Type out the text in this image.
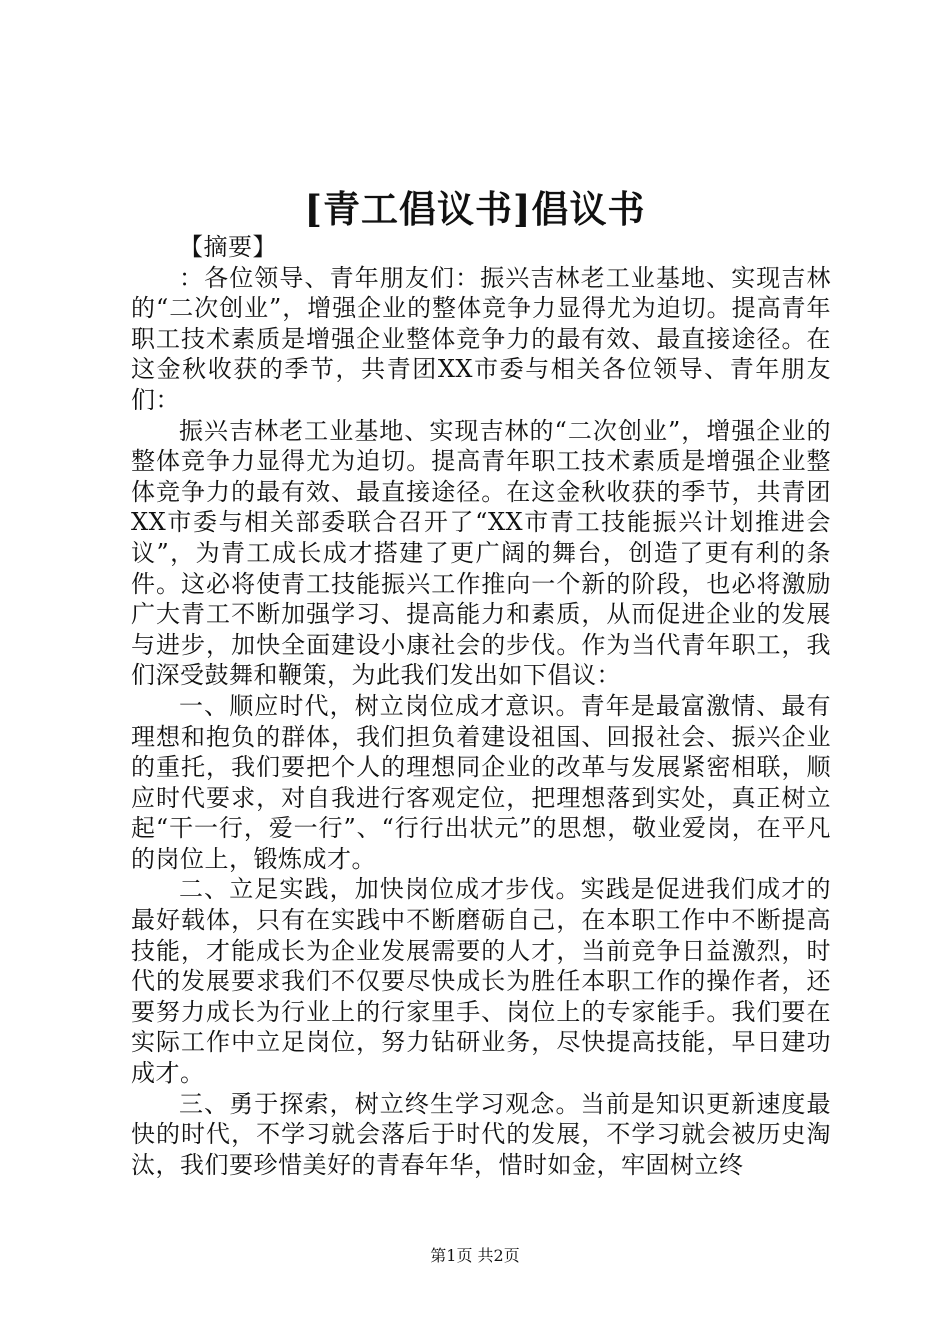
[青工倡议书]倡议书

【摘要】

：各位领导、青年朋友们：振兴吉林老工业基地、实现吉林的“二次创业”，增强企业的整体竞争力显得尤为迫切。提高青年职工技术素质是增强企业整体竞争力的最有效、最直接途径。在这金秋收获的季节，共青团XX市委与相关各位领导、青年朋友们：

振兴吉林老工业基地、实现吉林的“二次创业”，增强企业的整体竞争力显得尤为迫切。提高青年职工技术素质是增强企业整体竞争力的最有效、最直接途径。在这金秋收获的季节，共青团XX市委与相关部委联合召开了“XX市青工技能振兴计划推进会议”，为青工成长成才搭建了更广阔的舞台，创造了更有利的条件。这必将使青工技能振兴工作推向一个新的阶段，也必将激励广大青工不断加强学习、提高能力和素质，从而促进企业的发展与进步，加快全面建设小康社会的步伐。作为当代青年职工，我们深受鼓舞和鞭策，为此我们发出如下倡议：

一、顺应时代，树立岗位成才意识。青年是最富激情、最有理想和抱负的群体，我们担负着建设祖国、回报社会、振兴企业的重托，我们要把个人的理想同企业的改革与发展紧密相联，顺应时代要求，对自我进行客观定位，把理想落到实处，真正树立起“干一行，爱一行”、“行行出状元”的思想，敬业爱岗，在平凡的岗位上，锻炼成才。

二、立足实践，加快岗位成才步伐。实践是促进我们成才的最好载体，只有在实践中不断磨砺自己，在本职工作中不断提高技能，才能成长为企业发展需要的人才，当前竞争日益激烈，时代的发展要求我们不仅要尽快成长为胜任本职工作的操作者，还要努力成长为行业上的行家里手、岗位上的专家能手。我们要在实际工作中立足岗位，努力钻研业务，尽快提高技能，早日建功成才。

三、勇于探索，树立终生学习观念。当前是知识更新速度最快的时代，不学习就会落后于时代的发展，不学习就会被历史淘汰，我们要珍惜美好的青春年华，惜时如金，牢固树立终

第1页 共2页
